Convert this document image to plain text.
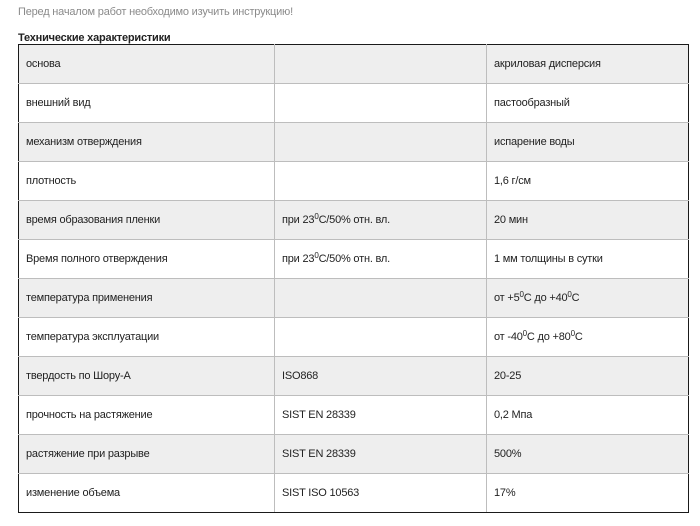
Перед началом работ необходимо изучить инструкцию!
Технические характеристики
основа		акриловая дисперсия
внешний вид		пастообразный
механизм отверждения		испарение воды
плотность		1,6 г/см
время образования пленки	при $23^0С/50\%$ отн. вл.	20 мин
Время полного отверждения	при $23^0С/50\%$ отн. вл.	1 мм толщины в сутки
температура применения		от $+5^0С$ до $+40^0С$
температура эксплуатации		от $-40^0С$ до $+80^0С$
твердость по Шору-А	ISO868	20-25
прочность на растяжение	SIST EN 28339	0,2 Мпа
растяжение при разрыве	SIST EN 28339	500%
изменение объема	SIST ISO 10563	17%
